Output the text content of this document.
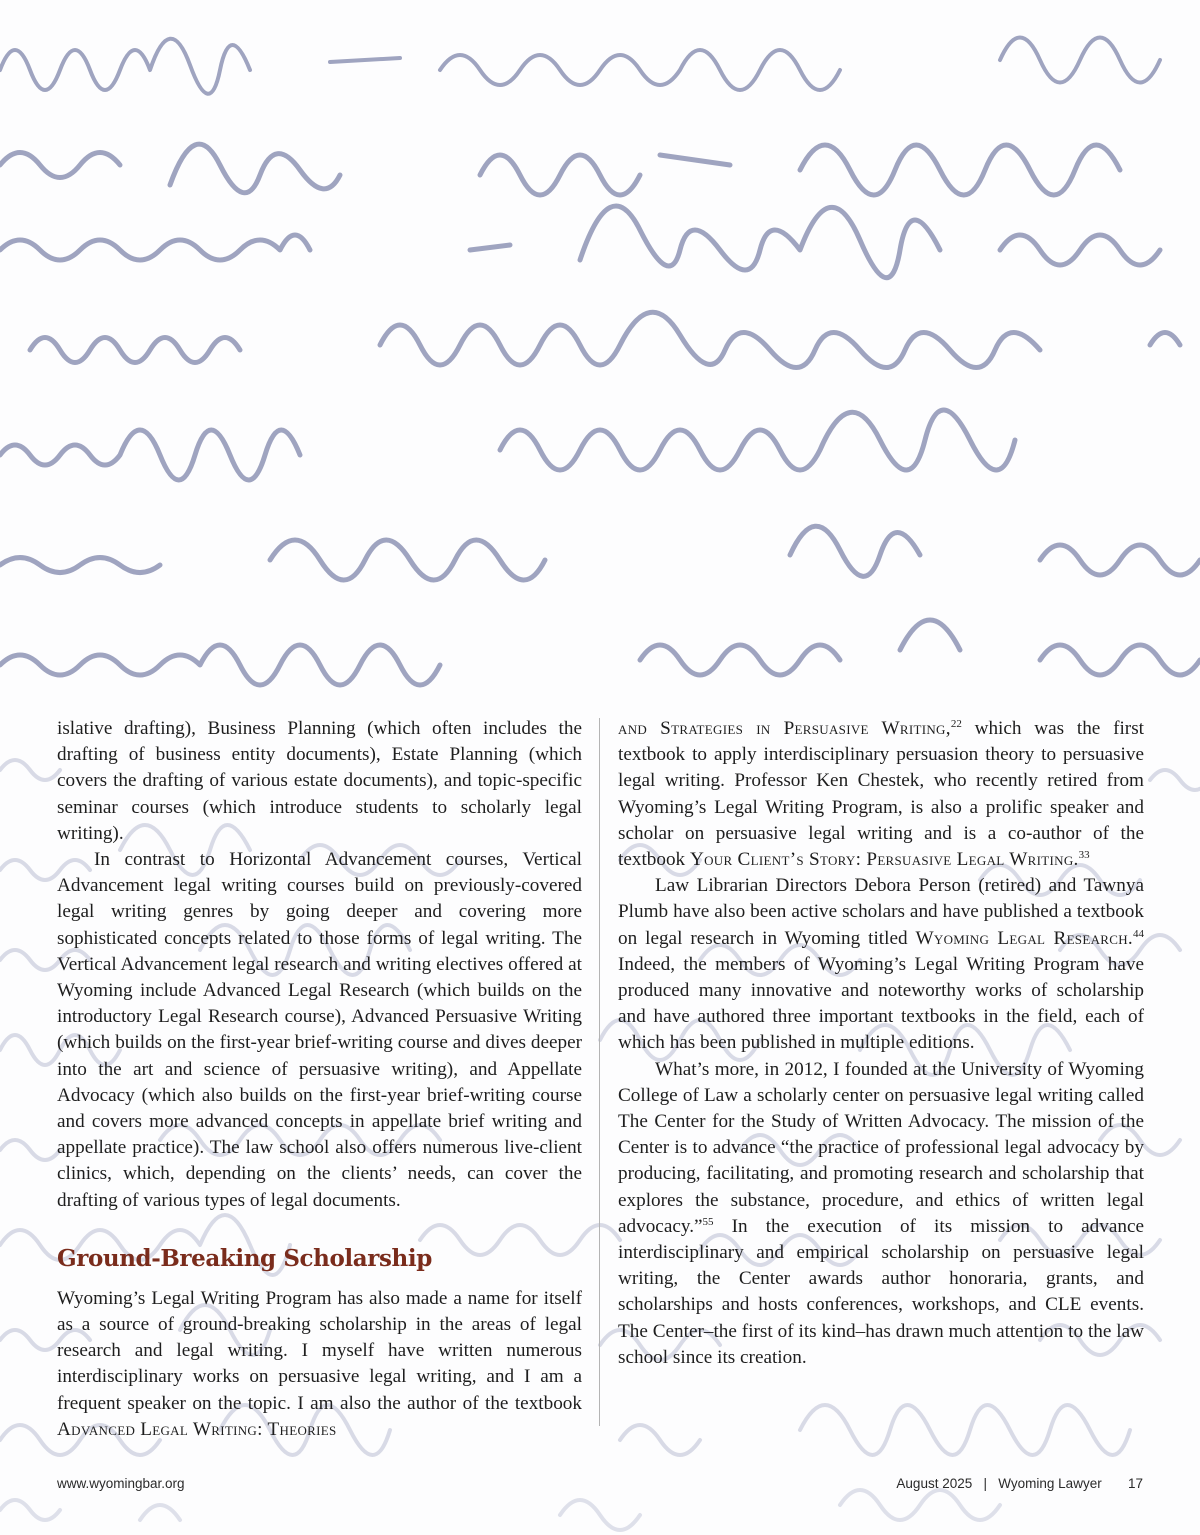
islative drafting), Business Planning (which often includes the drafting of business entity documents), Estate Planning (which covers the drafting of various estate documents), and topic-specific seminar courses (which introduce students to scholarly legal writing).

In contrast to Horizontal Advancement courses, Vertical Advancement legal writing courses build on previously-covered legal writing genres by going deeper and covering more sophisticated concepts related to those forms of legal writing. The Vertical Advancement legal research and writing electives offered at Wyoming include Advanced Legal Research (which builds on the introductory Legal Research course), Advanced Persuasive Writing (which builds on the first-year brief-writing course and dives deeper into the art and science of persuasive writing), and Appellate Advocacy (which also builds on the first-year brief-writing course and covers more advanced concepts in appellate brief writing and appellate practice). The law school also offers numerous live-client clinics, which, depending on the clients’ needs, can cover the drafting of various types of legal documents.

Ground-Breaking Scholarship

Wyoming’s Legal Writing Program has also made a name for itself as a source of ground-breaking scholarship in the areas of legal research and legal writing. I myself have written numerous interdisciplinary works on persuasive legal writing, and I am a frequent speaker on the topic. I am also the author of the textbook Advanced Legal Writing: Theories

and Strategies in Persuasive Writing,$^{22}$ which was the first textbook to apply interdisciplinary persuasion theory to persuasive legal writing. Professor Ken Chestek, who recently retired from Wyoming’s Legal Writing Program, is also a prolific speaker and scholar on persuasive legal writing and is a co-author of the textbook Your Client’s Story: Persuasive Legal Writing.$^{33}$

Law Librarian Directors Debora Person (retired) and Tawnya Plumb have also been active scholars and have published a textbook on legal research in Wyoming titled Wyoming Legal Research.$^{44}$ Indeed, the members of Wyoming’s Legal Writing Program have produced many innovative and noteworthy works of scholarship and have authored three important textbooks in the field, each of which has been published in multiple editions.

What’s more, in 2012, I founded at the University of Wyoming College of Law a scholarly center on persuasive legal writing called The Center for the Study of Written Advocacy. The mission of the Center is to advance “the practice of professional legal advocacy by producing, facilitating, and promoting research and scholarship that explores the substance, procedure, and ethics of written legal advocacy.”$^{55}$ In the execution of its mission to advance interdisciplinary and empirical scholarship on persuasive legal writing, the Center awards author honoraria, grants, and scholarships and hosts conferences, workshops, and CLE events. The Center–the first of its kind–has drawn much attention to the law school since its creation.

www.wyomingbar.org	August 2025
|
Wyoming Lawyer
17
